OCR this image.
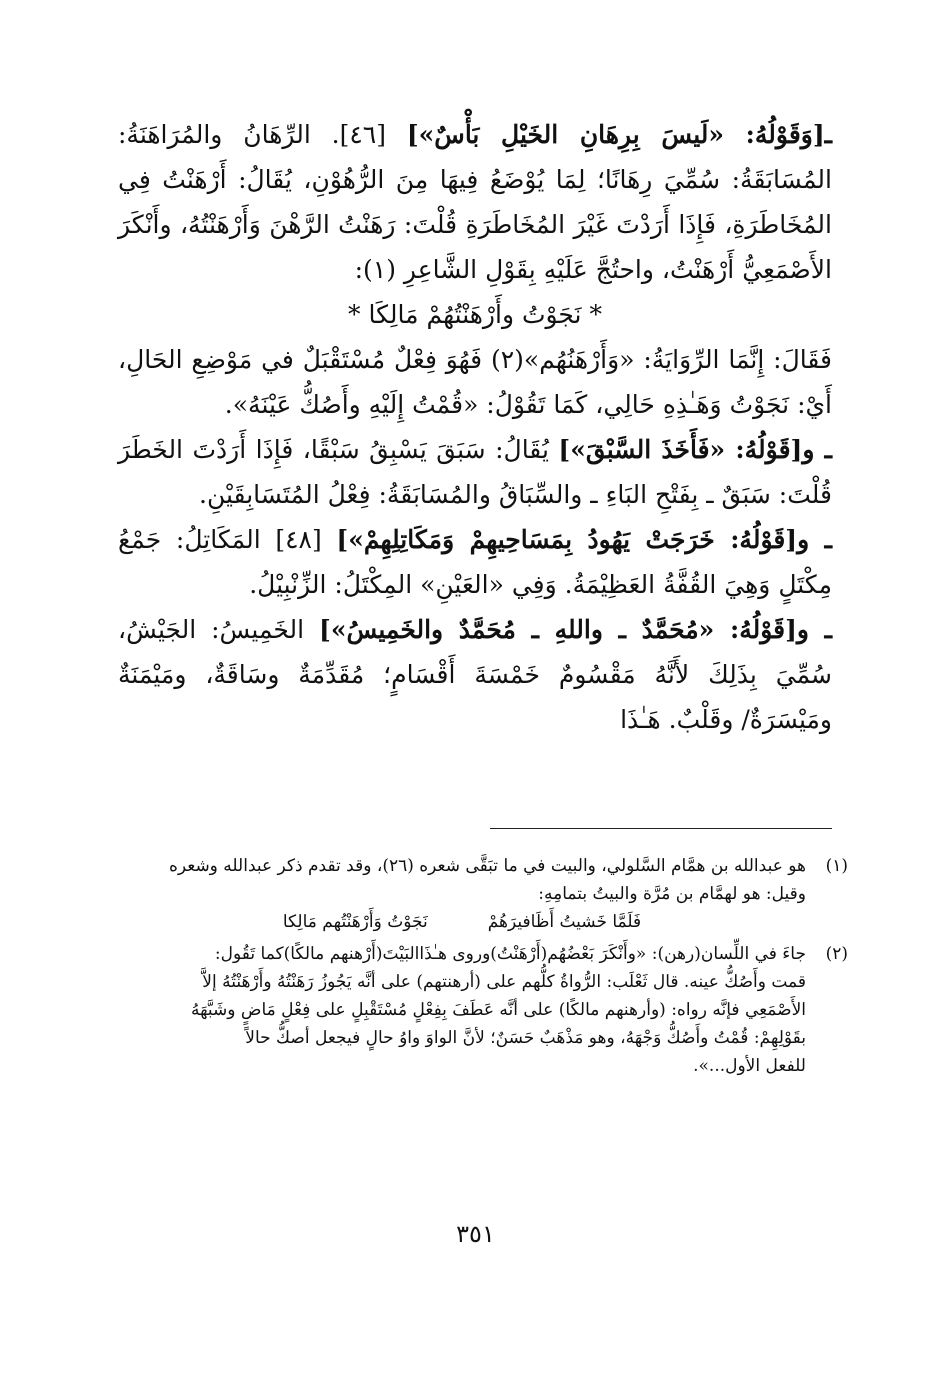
ـ[وَقَوْلُهُ: «لَيسَ بِرِهَانِ الخَيْلِ بَأْسٌ»] [٤٦]. الرِّهَانُ والمُرَاهَنَةُ: المُسَابَقَةُ: سُمِّيَ رِهَانًا؛ لِمَا يُوْضَعُ فِيهَا مِنَ الرُّهُوْنِ، يُقَالُ: أَرْهَنْتُ فِي المُخَاطَرَةِ، فَإِذَا أَرَدْتَ غَيْرَ المُخَاطَرَةِ قُلْتَ: رَهَنْتُ الرَّهْنَ وَأَرْهَنْتُهُ، وأَنْكَرَ الأَصْمَعِيُّ أَرْهَنْتُ، واحتُجَّ عَلَيْهِ بِقَوْلِ الشَّاعِرِ (١):

* نَجَوْتُ وأَرْهَنْتُهُمْ مَالِكَا *

فَقَالَ: إِنَّمَا الرِّوَايَةُ: «وَأَرْهَنُهُم»(٢) فَهُوَ فِعْلٌ مُسْتَقْبَلٌ في مَوْضِعِ الحَالِ، أَيْ: نَجَوْتُ وَهَـٰذِهِ حَالِي، كَمَا تَقُوْلُ: «قُمْتُ إِلَيْهِ وأَصُكُّ عَيْنَهُ».

ـ و[قَوْلُهُ: «فَأَخَذَ السَّبْقَ»] يُقَالُ: سَبَقَ يَسْبِقُ سَبْقًا، فَإِذَا أَرَدْتَ الخَطَرَ قُلْتَ: سَبَقٌ ـ بِفَتْحِ البَاءِ ـ والسِّبَاقُ والمُسَابَقَةُ: فِعْلُ المُتَسَابِقَيْنِ.

ـ و[قَوْلُهُ: خَرَجَتْ يَهُودُ بِمَسَاحِيهِمْ وَمَكَاتِلِهِمْ»] [٤٨] المَكَاتِلُ: جَمْعُ مِكْتَلٍ وَهِيَ القُفَّةُ العَظِيْمَةُ. وَفِي «العَيْنِ» المِكْتَلُ: الزِّنْبِيْلُ.

ـ و[قَوْلُهُ: «مُحَمَّدٌ ـ واللهِ ـ مُحَمَّدٌ والخَمِيسُ»] الخَمِيسُ: الجَيْشُ، سُمِّيَ بِذَلِكَ لأَنَّهُ مَقْسُومٌ خَمْسَةَ أَقْسَامٍ؛ مُقَدِّمَةٌ وسَاقَةٌ، ومَيْمَنَةٌ ومَيْسَرَةٌ/ وقَلْبٌ. هَـٰذَا

(١)
هو عبدالله بن همَّام السَّلولي، والبيت في ما تبَقَّى شعره (٢٦)، وقد تقدم ذكر عبدالله وشعره
وقيل: هو لهمَّام بن مُرَّة والبيتُ بتمامِهِ:
فَلَمَّا خَشيتُ أَظَافيرَهُمْ
نَجَوْتُ وَأَرْهَنْتُهم مَالِكا
(٢)
جاءَ في اللِّسان(رهن): «وأَنْكَرَ بَعْضُهُم(أَرْهَنْتُ)وروى هـٰذَاالبَيْتَ(أَرْهنهم مالكًا)كما تَقُول:
قمت وأَصُكُّ عينه. قال ثَعْلَب: الرُّواةُ كلُّهم على (أرهنتهم) على أنَّه يَجُوزُ رَهَنْتُهُ وأَرْهَنْتُهُ إلاَّ
الأَصْمَعِي فإنَّه رواه: (وأرهنهم مالكًا) على أنَّه عَطَفَ بِفِعْلٍ مُسْتَقْبِلٍ على فِعْلٍ مَاضٍ وشَبَّهَهُ
بقَوْلِهِمْ: قُمْتُ وأَصُكُّ وَجْهَهُ، وهو مَذْهَبٌ حَسَنٌ؛ لأنَّ الواوَ واوُ حالٍ فيجعل أصكُّ حالاً
للفعل الأول...».
٣٥١
